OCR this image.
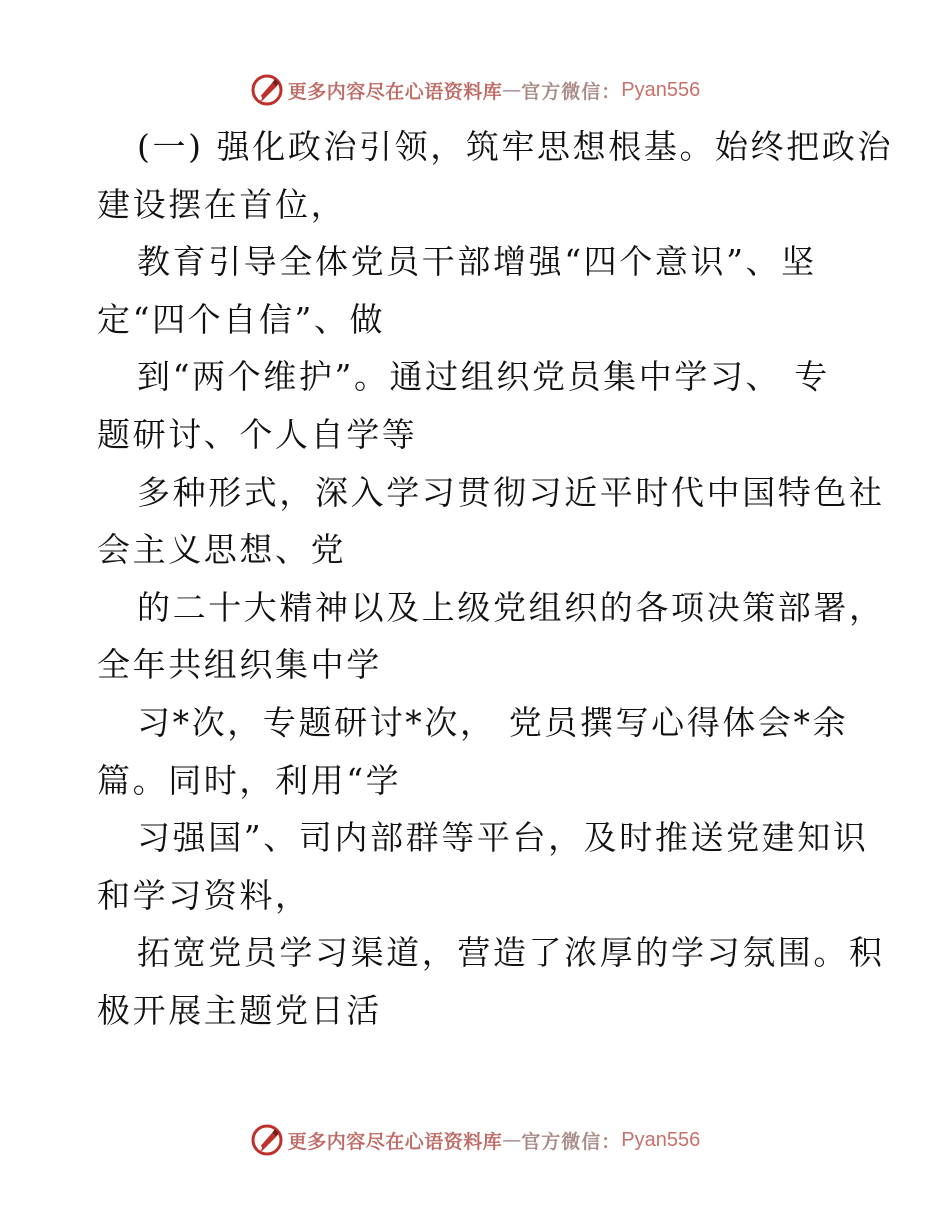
更多内容尽在心语资料库 — 官方微信： Pyan556
(一) 强化政治引领，筑牢思想根基。始终把政治
建设摆在首位，
教育引导全体党员干部增强“四个意识”、坚
定“四个自信”、做
到“两个维护”。通过组织党员集中学习、 专
题研讨、个人自学等
多种形式，深入学习贯彻习近平时代中国特色社
会主义思想、党
的二十大精神以及上级党组织的各项决策部署，
全年共组织集中学
习*次，专题研讨*次， 党员撰写心得体会*余
篇。同时，利用“学
习强国”、司内部群等平台，及时推送党建知识
和学习资料，
拓宽党员学习渠道，营造了浓厚的学习氛围。积
极开展主题党日活
更多内容尽在心语资料库 — 官方微信： Pyan556
